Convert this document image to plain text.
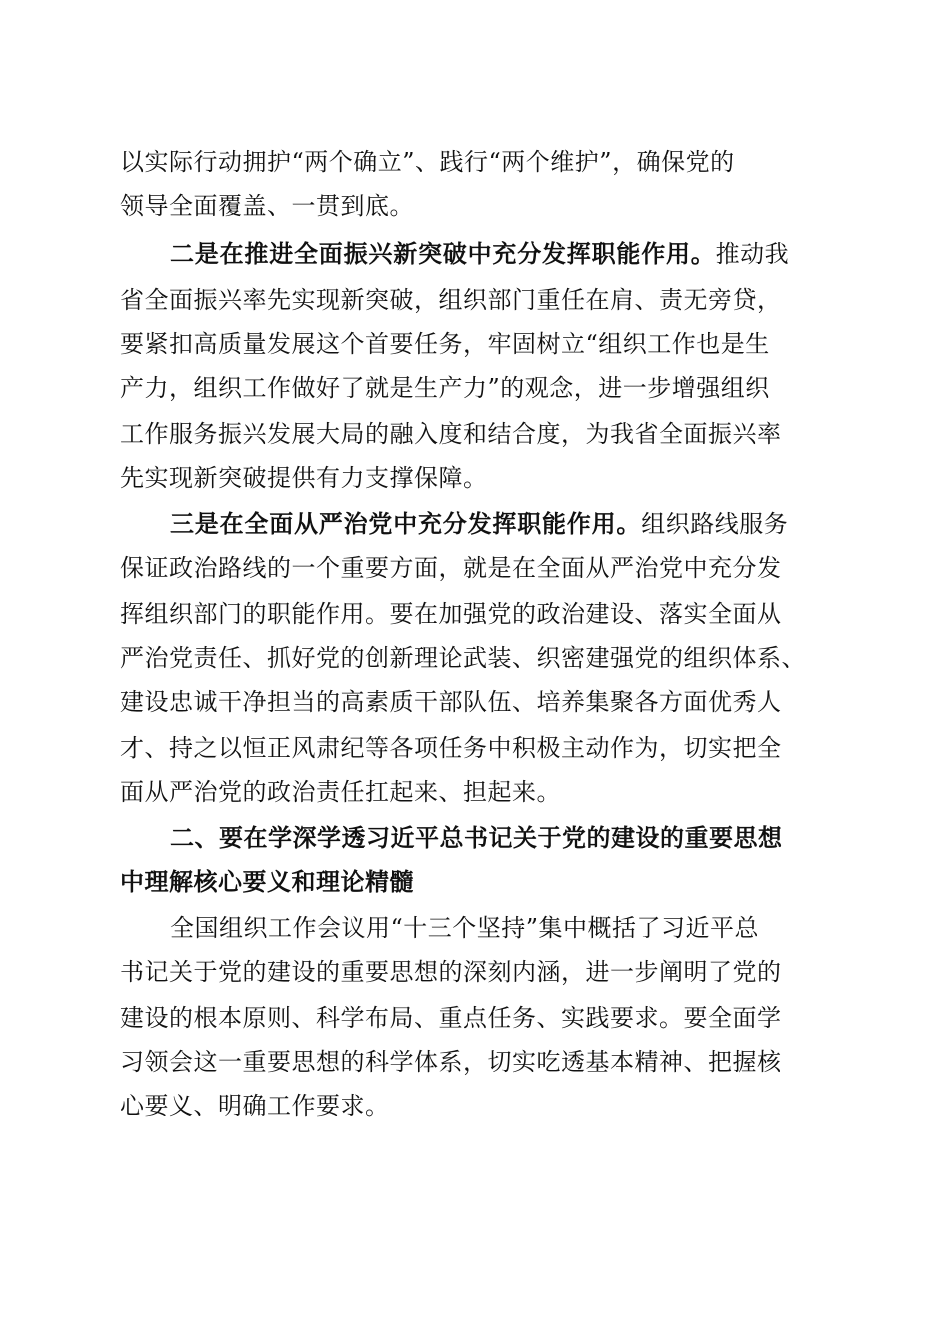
以实际行动拥护“两个确立”、践行“两个维护”，确保党的
领导全面覆盖、一贯到底。
二是在推进全面振兴新突破中充分发挥职能作用。推动我
省全面振兴率先实现新突破，组织部门重任在肩、责无旁贷，
要紧扣高质量发展这个首要任务，牢固树立“组织工作也是生
产力，组织工作做好了就是生产力”的观念，进一步增强组织
工作服务振兴发展大局的融入度和结合度，为我省全面振兴率
先实现新突破提供有力支撑保障。
三是在全面从严治党中充分发挥职能作用。组织路线服务
保证政治路线的一个重要方面，就是在全面从严治党中充分发
挥组织部门的职能作用。要在加强党的政治建设、落实全面从
严治党责任、抓好党的创新理论武装、织密建强党的组织体系、
建设忠诚干净担当的高素质干部队伍、培养集聚各方面优秀人
才、持之以恒正风肃纪等各项任务中积极主动作为，切实把全
面从严治党的政治责任扛起来、担起来。
二、要在学深学透习近平总书记关于党的建设的重要思想
中理解核心要义和理论精髓
全国组织工作会议用“十三个坚持”集中概括了习近平总
书记关于党的建设的重要思想的深刻内涵，进一步阐明了党的
建设的根本原则、科学布局、重点任务、实践要求。要全面学
习领会这一重要思想的科学体系，切实吃透基本精神、把握核
心要义、明确工作要求。
